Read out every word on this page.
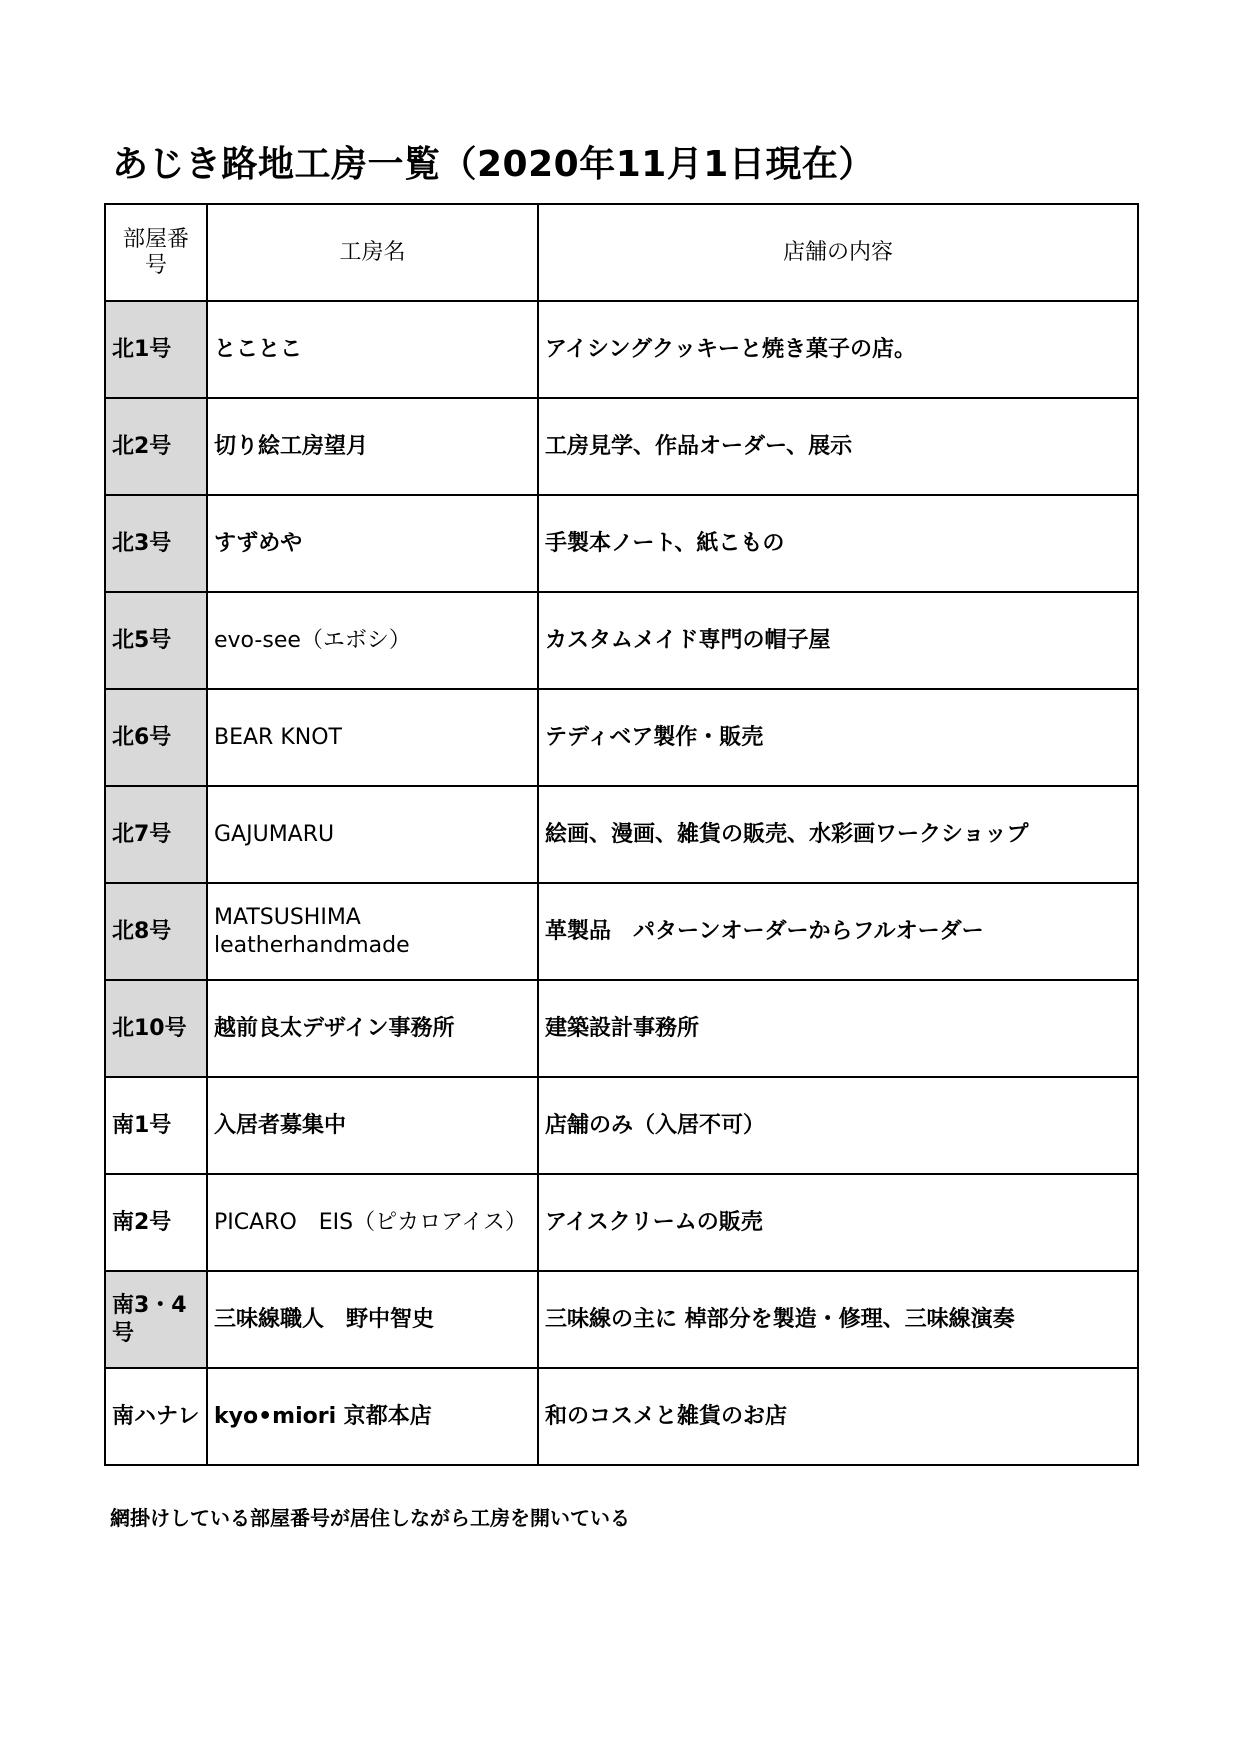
あじき路地工房一覧（2020年11月1日現在）
部屋番号	工房名	店舗の内容
北1号	とことこ	アイシングクッキーと焼き菓子の店。
北2号	切り絵工房望月	工房見学、作品オーダー、展示
北3号	すずめや	手製本ノート、紙こもの
北5号	evo-see（エボシ）	カスタムメイド専門の帽子屋
北6号	BEAR KNOT	テディベア製作・販売
北7号	GAJUMARU	絵画、漫画、雑貨の販売、水彩画ワークショップ
北8号	MATSUSHIMA leatherhandmade	革製品　パターンオーダーからフルオーダー
北10号	越前良太デザイン事務所	建築設計事務所
南1号	入居者募集中	店舗のみ（入居不可）
南2号	PICARO　EIS（ピカロアイス）	アイスクリームの販売
南3・4号	三味線職人　野中智史	三味線の主に 棹部分を製造・修理、三味線演奏
南ハナレ	kyo•miori 京都本店	和のコスメと雑貨のお店
網掛けしている部屋番号が居住しながら工房を開いている
